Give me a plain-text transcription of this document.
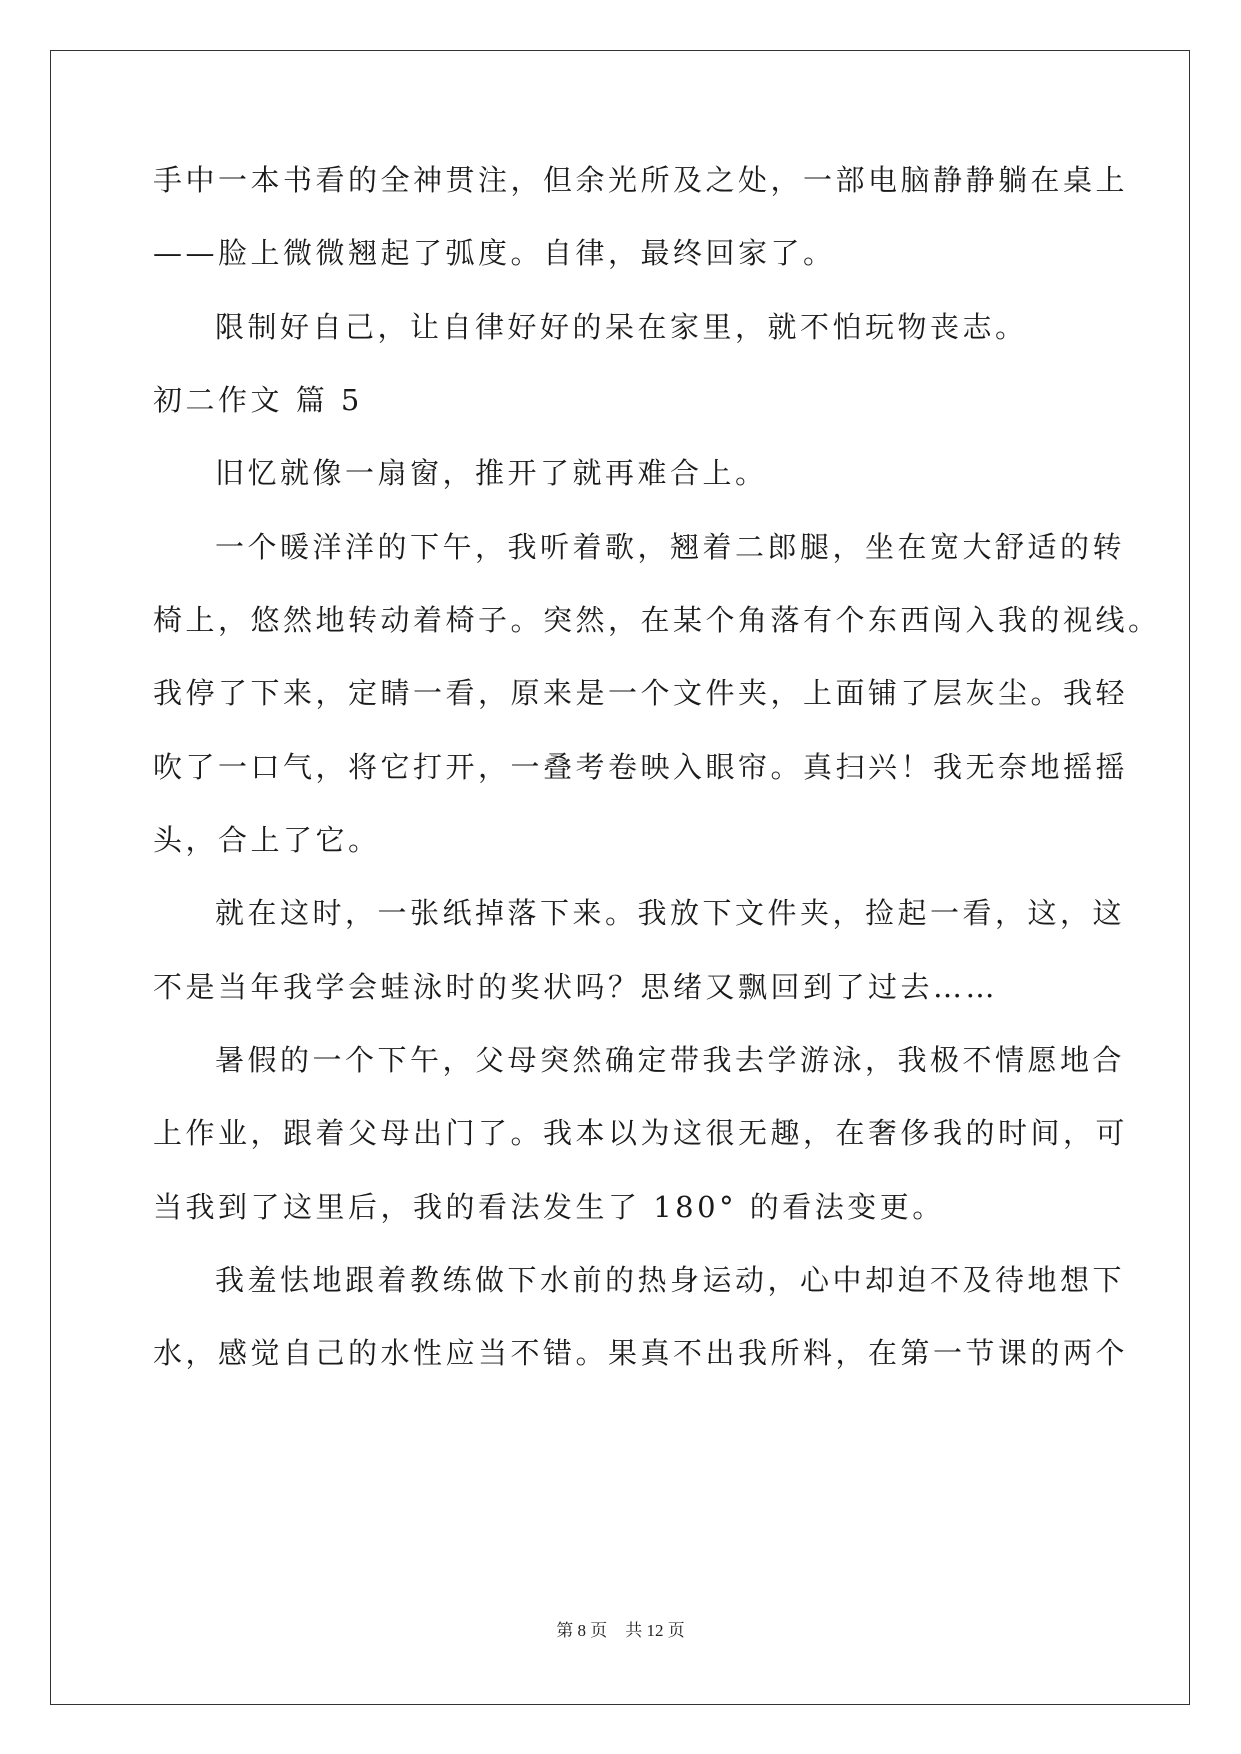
手中一本书看的全神贯注，但余光所及之处，一部电脑静静躺在桌上
——脸上微微翘起了弧度。自律，最终回家了。
限制好自己，让自律好好的呆在家里，就不怕玩物丧志。
初二作文 篇 5
旧忆就像一扇窗，推开了就再难合上。
一个暖洋洋的下午，我听着歌，翘着二郎腿，坐在宽大舒适的转
椅上，悠然地转动着椅子。突然，在某个角落有个东西闯入我的视线。
我停了下来，定睛一看，原来是一个文件夹，上面铺了层灰尘。我轻
吹了一口气，将它打开，一叠考卷映入眼帘。真扫兴！我无奈地摇摇
头，合上了它。
就在这时，一张纸掉落下来。我放下文件夹，捡起一看，这，这
不是当年我学会蛙泳时的奖状吗？思绪又飘回到了过去……
暑假的一个下午，父母突然确定带我去学游泳，我极不情愿地合
上作业，跟着父母出门了。我本以为这很无趣，在奢侈我的时间，可
当我到了这里后，我的看法发生了 180° 的看法变更。
我羞怯地跟着教练做下水前的热身运动，心中却迫不及待地想下
水，感觉自己的水性应当不错。果真不出我所料，在第一节课的两个
第 8 页 共 12 页
